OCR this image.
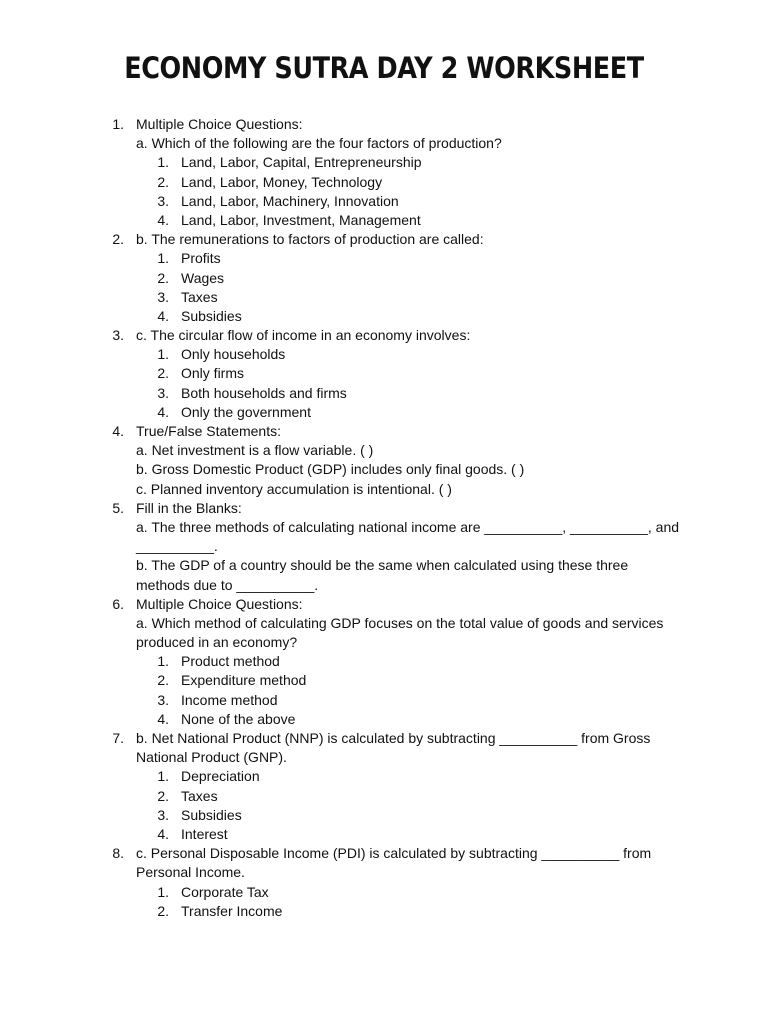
ECONOMY SUTRA DAY 2 WORKSHEET
1. Multiple Choice Questions:
a. Which of the following are the four factors of production?
1. Land, Labor, Capital, Entrepreneurship
2. Land, Labor, Money, Technology
3. Land, Labor, Machinery, Innovation
4. Land, Labor, Investment, Management
2. b. The remunerations to factors of production are called:
1. Profits
2. Wages
3. Taxes
4. Subsidies
3. c. The circular flow of income in an economy involves:
1. Only households
2. Only firms
3. Both households and firms
4. Only the government
4. True/False Statements:
a. Net investment is a flow variable. ( )
b. Gross Domestic Product (GDP) includes only final goods. ( )
c. Planned inventory accumulation is intentional. ( )
5. Fill in the Blanks:
a. The three methods of calculating national income are __________, __________, and
__________.
b. The GDP of a country should be the same when calculated using these three
methods due to __________.
6. Multiple Choice Questions:
a. Which method of calculating GDP focuses on the total value of goods and services
produced in an economy?
1. Product method
2. Expenditure method
3. Income method
4. None of the above
7. b. Net National Product (NNP) is calculated by subtracting __________ from Gross
National Product (GNP).
1. Depreciation
2. Taxes
3. Subsidies
4. Interest
8. c. Personal Disposable Income (PDI) is calculated by subtracting __________ from
Personal Income.
1. Corporate Tax
2. Transfer Income
